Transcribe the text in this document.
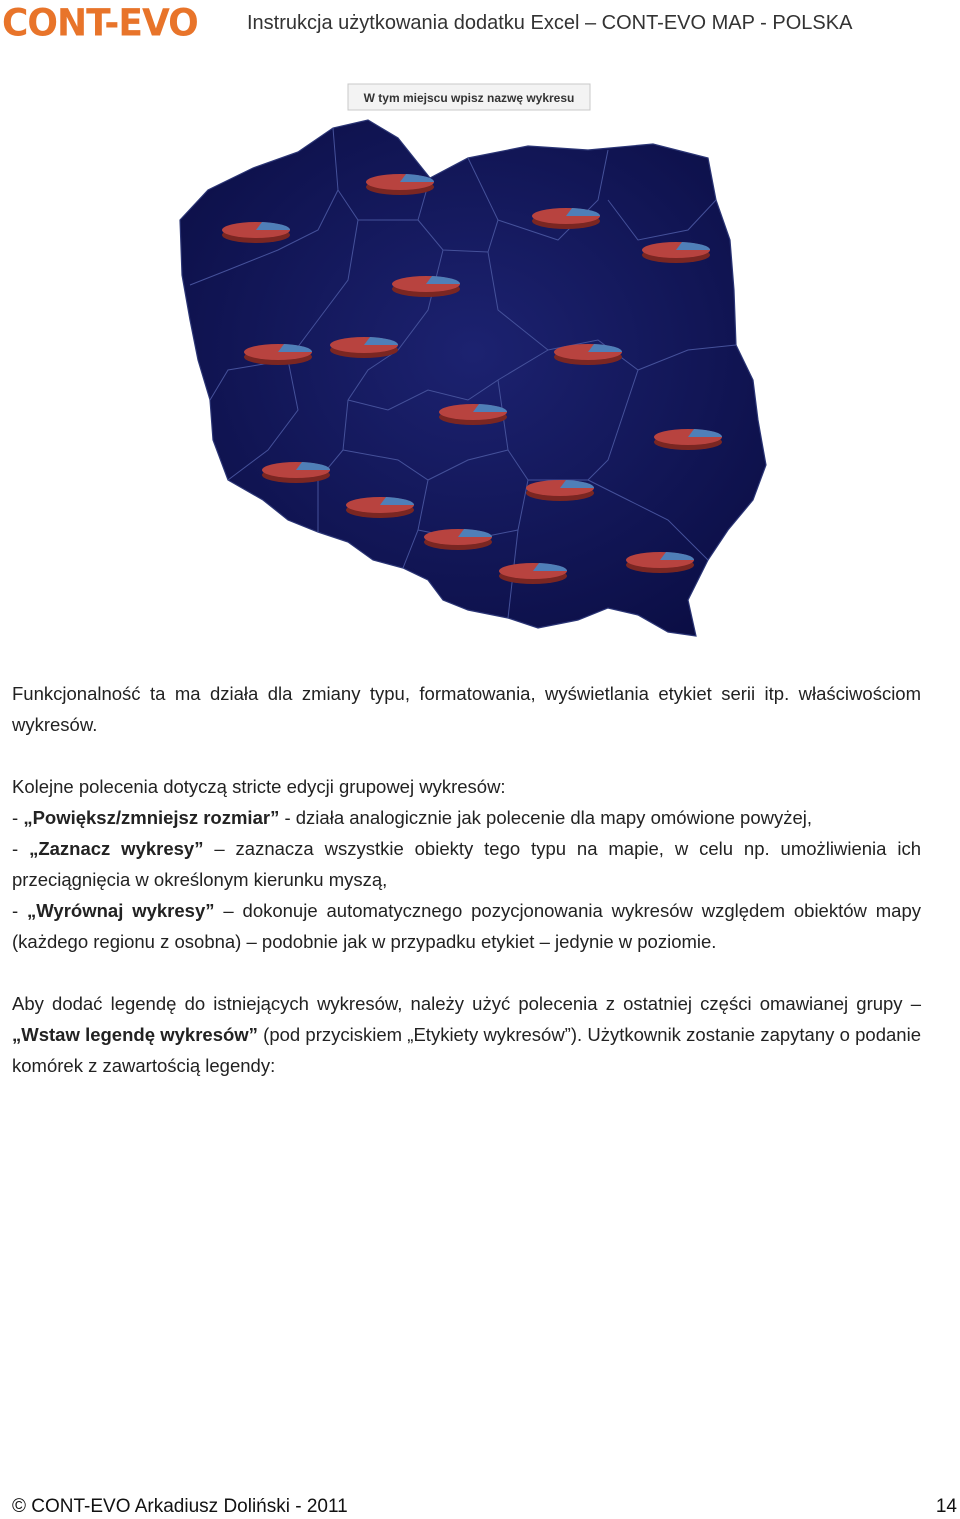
CONT-EVO Instrukcja użytkowania dodatku Excel – CONT-EVO MAP - POLSKA
W tym miejscu wpisz nazwę wykresu

Funkcjonalność ta ma działa dla zmiany typu, formatowania, wyświetlania etykiet serii itp. właściwościom wykresów.

Kolejne polecenia dotyczą stricte edycji grupowej wykresów:

- „Powiększ/zmniejsz rozmiar” - działa analogicznie jak polecenie dla mapy omówione powyżej,

- „Zaznacz wykresy” – zaznacza wszystkie obiekty tego typu na mapie, w celu np. umożliwienia ich przeciągnięcia w określonym kierunku myszą,

- „Wyrównaj wykresy” – dokonuje automatycznego pozycjonowania wykresów względem obiektów mapy (każdego regionu z osobna) – podobnie jak w przypadku etykiet – jedynie w poziomie.

Aby dodać legendę do istniejących wykresów, należy użyć polecenia z ostatniej części omawianej grupy – „Wstaw legendę wykresów” (pod przyciskiem „Etykiety wykresów”). Użytkownik zostanie zapytany o podanie komórek z zawartością legendy:

© CONT-EVO Arkadiusz Doliński - 2011	14
